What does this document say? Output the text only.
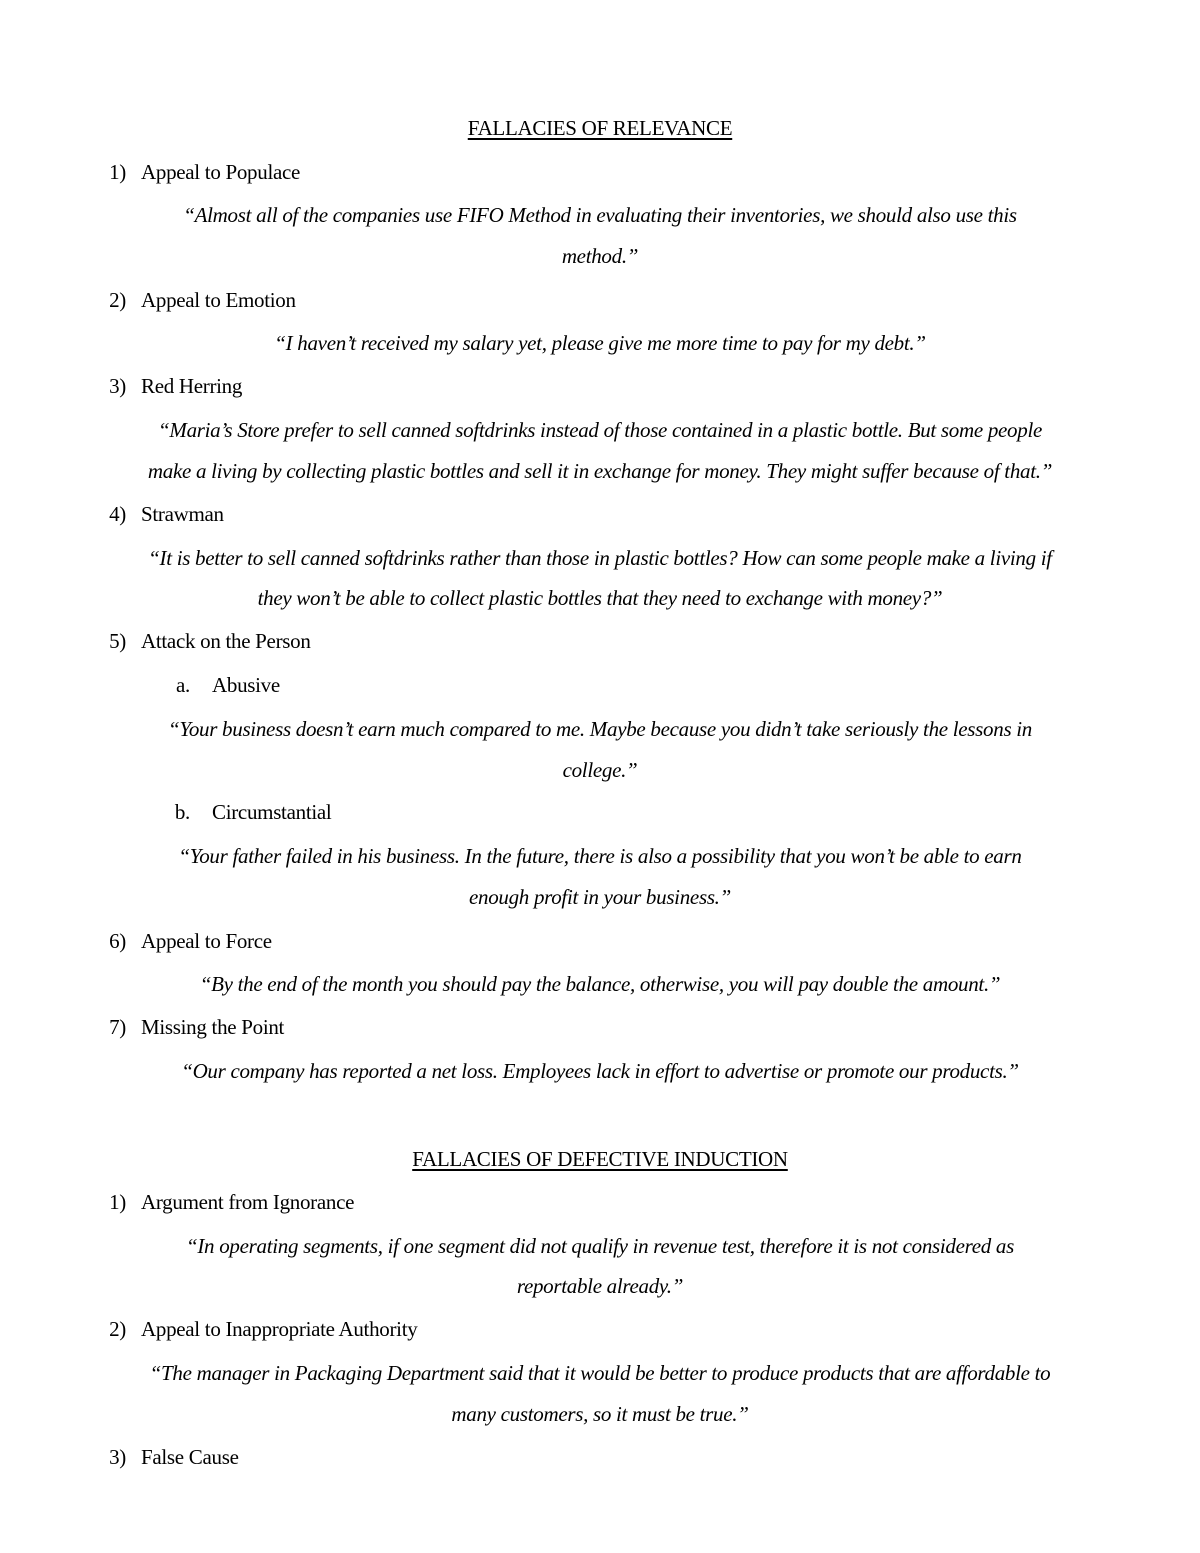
FALLACIES OF RELEVANCE
1) Appeal to Populace
“Almost all of the companies use FIFO Method in evaluating their inventories, we should also use this
method.”
2) Appeal to Emotion
“I haven’t received my salary yet, please give me more time to pay for my debt.”
3) Red Herring
“Maria’s Store prefer to sell canned softdrinks instead of those contained in a plastic bottle. But some people
make a living by collecting plastic bottles and sell it in exchange for money. They might suffer because of that.”
4) Strawman
“It is better to sell canned softdrinks rather than those in plastic bottles? How can some people make a living if
they won’t be able to collect plastic bottles that they need to exchange with money?”
5) Attack on the Person
a. Abusive
“Your business doesn’t earn much compared to me. Maybe because you didn’t take seriously the lessons in
college.”
b. Circumstantial
“Your father failed in his business. In the future, there is also a possibility that you won’t be able to earn
enough profit in your business.”
6) Appeal to Force
“By the end of the month you should pay the balance, otherwise, you will pay double the amount.”
7) Missing the Point
“Our company has reported a net loss. Employees lack in effort to advertise or promote our products.”
FALLACIES OF DEFECTIVE INDUCTION
1) Argument from Ignorance
“In operating segments, if one segment did not qualify in revenue test, therefore it is not considered as
reportable already.”
2) Appeal to Inappropriate Authority
“The manager in Packaging Department said that it would be better to produce products that are affordable to
many customers, so it must be true.”
3) False Cause
